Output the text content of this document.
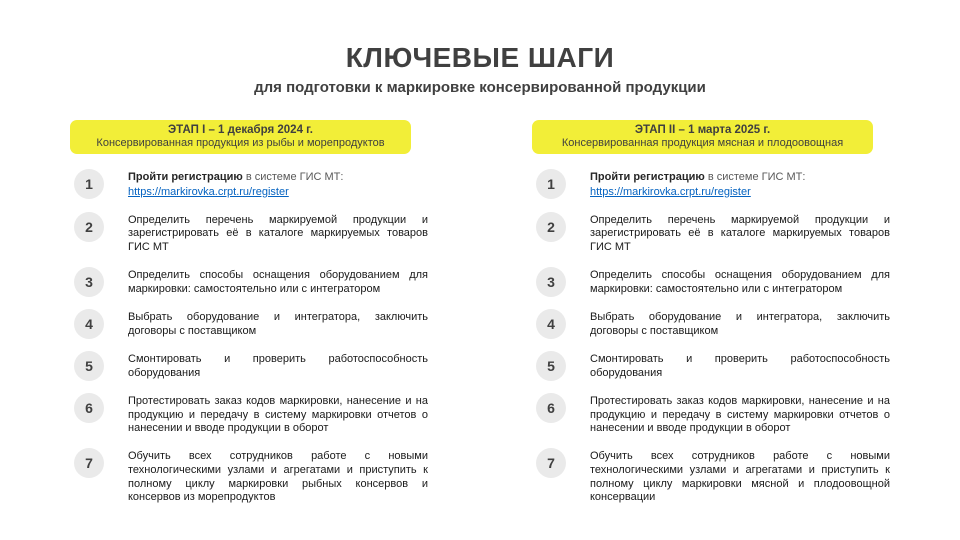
КЛЮЧЕВЫЕ ШАГИ
для подготовки к маркировке консервированной продукции
ЭТАП I – 1 декабря 2024 г.
Консервированная продукция из рыбы и морепродуктов
1	Пройти регистрацию в системе ГИС МТ:
https://markirovka.crpt.ru/register
2	Определить перечень маркируемой продукции и зарегистрировать её в каталоге маркируемых товаров ГИС МТ
3	Определить способы оснащения оборудованием для маркировки: самостоятельно или с интегратором
4	Выбрать оборудование и интегратора, заключить договоры с поставщиком
5	Смонтировать и проверить работоспособность оборудования
6	Протестировать заказ кодов маркировки, нанесение и на продукцию и передачу в систему маркировки отчетов о нанесении и вводе продукции в оборот
7	Обучить всех сотрудников работе с новыми технологическими узлами и агрегатами и приступить к полному циклу маркировки рыбных консервов и консервов из морепродуктов
ЭТАП II – 1 марта 2025 г.
Консервированная продукция мясная и плодоовощная
1	Пройти регистрацию в системе ГИС МТ:
https://markirovka.crpt.ru/register
2	Определить перечень маркируемой продукции и зарегистрировать её в каталоге маркируемых товаров ГИС МТ
3	Определить способы оснащения оборудованием для маркировки: самостоятельно или с интегратором
4	Выбрать оборудование и интегратора, заключить договоры с поставщиком
5	Смонтировать и проверить работоспособность оборудования
6	Протестировать заказ кодов маркировки, нанесение и на продукцию и передачу в систему маркировки отчетов о нанесении и вводе продукции в оборот
7	Обучить всех сотрудников работе с новыми технологическими узлами и агрегатами и приступить к полному циклу маркировки мясной и плодоовощной консервации
